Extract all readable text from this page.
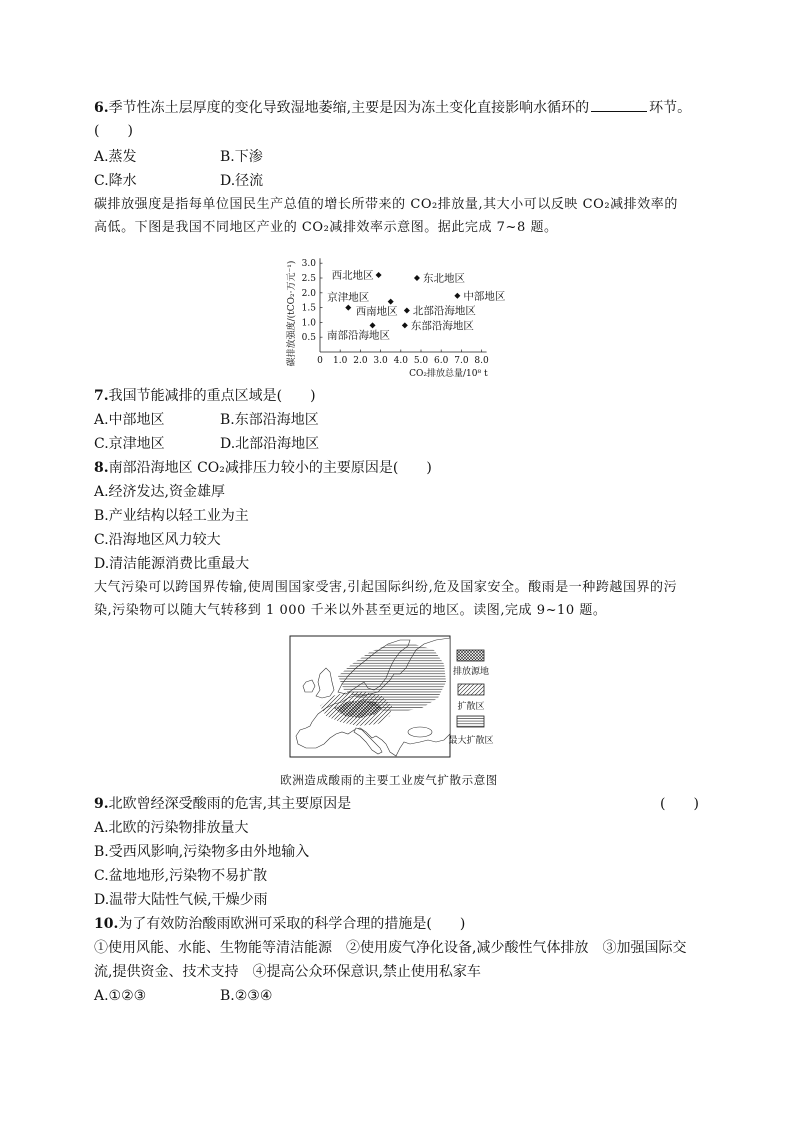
6.季节性冻土层厚度的变化导致湿地萎缩,主要是因为冻土变化直接影响水循环的	环节。
(　　)
A.蒸发	B.下渗
C.降水	D.径流
碳排放强度是指每单位国民生产总值的增长所带来的 CO₂排放量,其大小可以反映 CO₂减排效率的
高低。下图是我国不同地区产业的 CO₂减排效率示意图。据此完成 7~8 题。
0 1.0 2.0 3.0 4.0 5.0 6.0 7.0 8.0
0.5
1.0
1.5
2.0
2.5
3.0
碳排放强度/(tCO₂·万元⁻¹)
CO₂排放总量/10⁸ t
西北地区	东北地区
中部地区
京津地区
西南地区 北部沿海地区
东部沿海地区
南部沿海地区
7.我国节能减排的重点区域是(　　)
A.中部地区	B.东部沿海地区
C.京津地区	D.北部沿海地区
8.南部沿海地区 CO₂减排压力较小的主要原因是(　　)
A.经济发达,资金雄厚
B.产业结构以轻工业为主
C.沿海地区风力较大
D.清洁能源消费比重最大
大气污染可以跨国界传输,使周围国家受害,引起国际纠纷,危及国家安全。酸雨是一种跨越国界的污
染,污染物可以随大气转移到 1 000 千米以外甚至更远的地区。读图,完成 9~10 题。
排放源地
扩散区
最大扩散区
欧洲造成酸雨的主要工业废气扩散示意图
9.北欧曾经深受酸雨的危害,其主要原因是	(　　)
A.北欧的污染物排放量大
B.受西风影响,污染物多由外地输入
C.盆地地形,污染物不易扩散
D.温带大陆性气候,干燥少雨
10.为了有效防治酸雨欧洲可采取的科学合理的措施是(　　)
①使用风能、水能、生物能等清洁能源　②使用废气净化设备,减少酸性气体排放　③加强国际交
流,提供资金、技术支持　④提高公众环保意识,禁止使用私家车
A.①②③	B.②③④
